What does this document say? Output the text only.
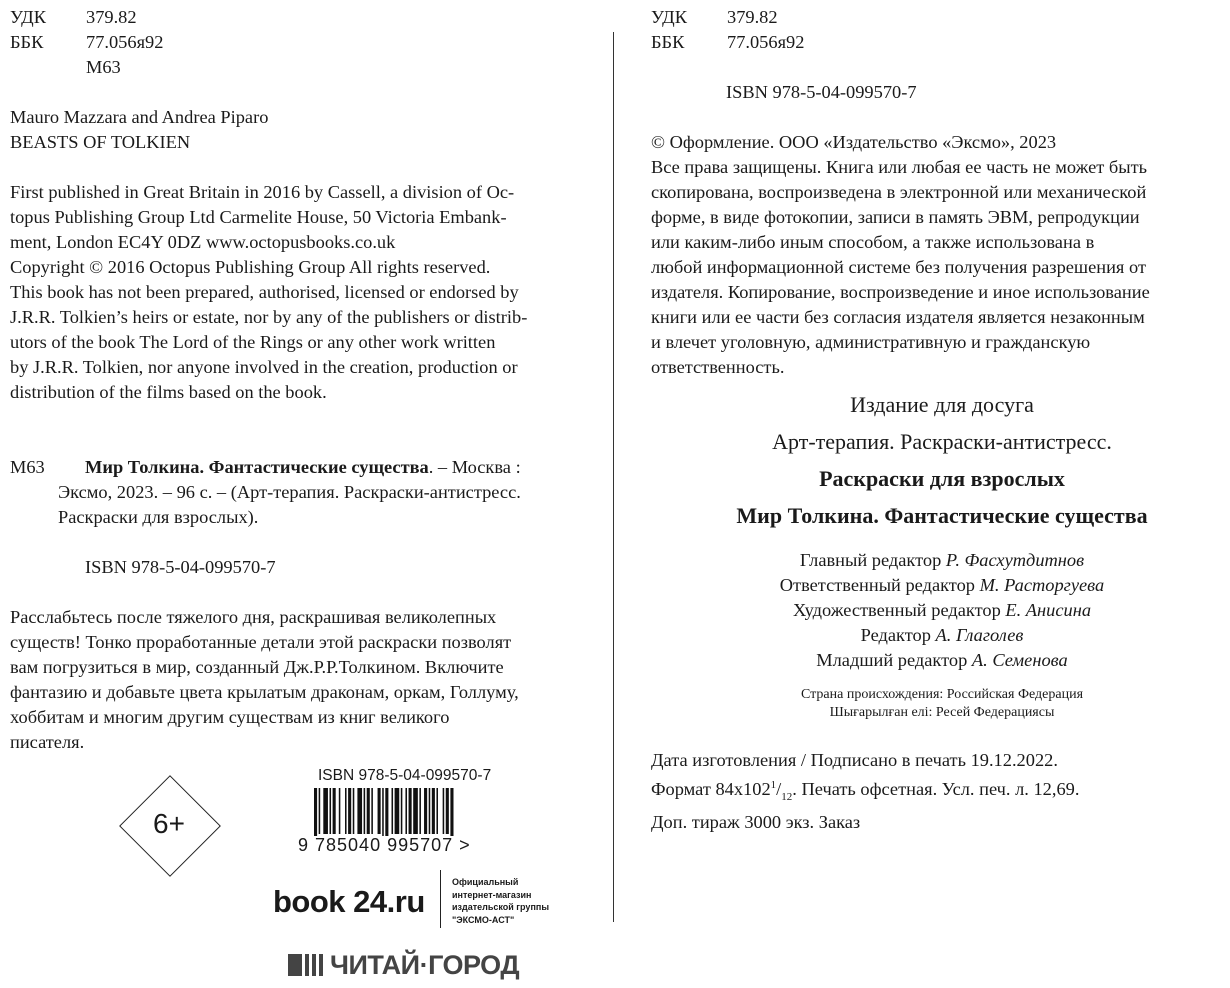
УДК	379.82
ББК	77.056я92
М63

Mauro Mazzara and Andrea Piparo

BEASTS OF TOLKIEN

First published in Great Britain in 2016 by Cassell, a division of Oc-

topus Publishing Group Ltd Carmelite House, 50 Victoria Embank-

ment, London EC4Y 0DZ www.octopusbooks.co.uk

Copyright © 2016 Octopus Publishing Group All rights reserved.

This book has not been prepared, authorised, licensed or endorsed by

J.R.R. Tolkien’s heirs or estate, nor by any of the publishers or distrib-

utors of the book The Lord of the Rings or any other work written

by J.R.R. Tolkien, nor anyone involved in the creation, production or

distribution of the films based on the book.

М63 Мир Толкина. Фантастические существа. – Москва :
Эксмо, 2023. – 96 с. – (Арт-терапия. Раскраски-антистресс.
Раскраски для взрослых).
ISBN 978-5-04-099570-7

Расслабьтесь после тяжелого дня, раскрашивая великолепных

существ! Тонко проработанные детали этой раскраски позволят

вам погрузиться в мир, созданный Дж.Р.Р.Толкином. Включите

фантазию и добавьте цвета крылатым драконам, оркам, Голлуму,

хоббитам и многим другим существам из книг великого

писателя.

6+
ISBN 978-5-04-099570-7
9 785040 995707 >
book 24.ru
Официальный
интернет-магазин
издательской группы
"ЭКСМО-АСТ"
ЧИТАЙ·ГОРОД
УДК	379.82
ББК	77.056я92
ISBN 978-5-04-099570-7

© Оформление. ООО «Издательство «Эксмо», 2023

Все права защищены. Книга или любая ее часть не может быть

скопирована, воспроизведена в электронной или механической

форме, в виде фотокопии, записи в память ЭВМ, репродукции

или каким-либо иным способом, а также использована в

любой информационной системе без получения разрешения от

издателя. Копирование, воспроизведение и иное использование

книги или ее части без согласия издателя является незаконным

и влечет уголовную, административную и гражданскую

ответственность.

Издание для досуга
Арт-терапия. Раскраски-антистресс.
Раскраски для взрослых
Мир Толкина. Фантастические существа
Главный редактор Р. Фасхутдитнов
Ответственный редактор М. Расторгуева
Художественный редактор Е. Анисина
Редактор А. Глаголев
Младший редактор А. Семенова
Страна происхождения: Российская Федерация
Шығарылған елі: Ресей Федерациясы

Дата изготовления / Подписано в печать 19.12.2022.

Формат $84х102^1/_{12}$. Печать офсетная. Усл. печ. л. 12,69.

Доп. тираж 3000 экз. Заказ
